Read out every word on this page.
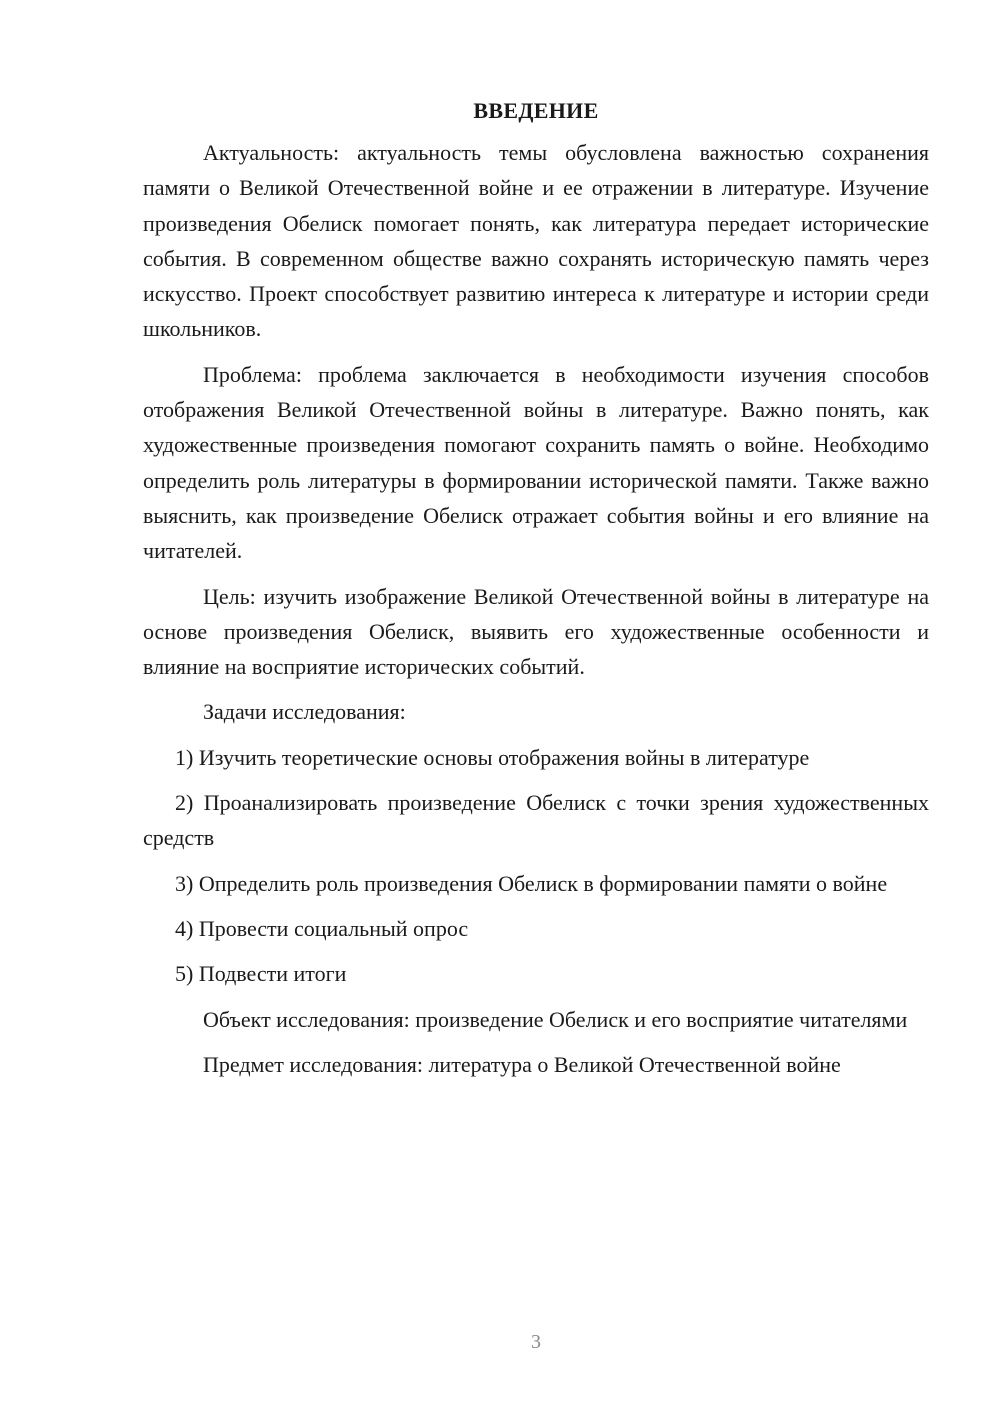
ВВЕДЕНИЕ

Актуальность: актуальность темы обусловлена важностью сохранения памяти о Великой Отечественной войне и ее отражении в литературе. Изучение произведения Обелиск помогает понять, как литература передает исторические события. В современном обществе важно сохранять историческую память через искусство. Проект способствует развитию интереса к литературе и истории среди школьников.

Проблема: проблема заключается в необходимости изучения способов отображения Великой Отечественной войны в литературе. Важно понять, как художественные произведения помогают сохранить память о войне. Необходимо определить роль литературы в формировании исторической памяти. Также важно выяснить, как произведение Обелиск отражает события войны и его влияние на читателей.

Цель: изучить изображение Великой Отечественной войны в литературе на основе произведения Обелиск, выявить его художественные особенности и влияние на восприятие исторических событий.

Задачи исследования:

1) Изучить теоретические основы отображения войны в литературе

2) Проанализировать произведение Обелиск с точки зрения художественных средств

3) Определить роль произведения Обелиск в формировании памяти о войне

4) Провести социальный опрос

5) Подвести итоги

Объект исследования: произведение Обелиск и его восприятие читателями

Предмет исследования: литература о Великой Отечественной войне

3
